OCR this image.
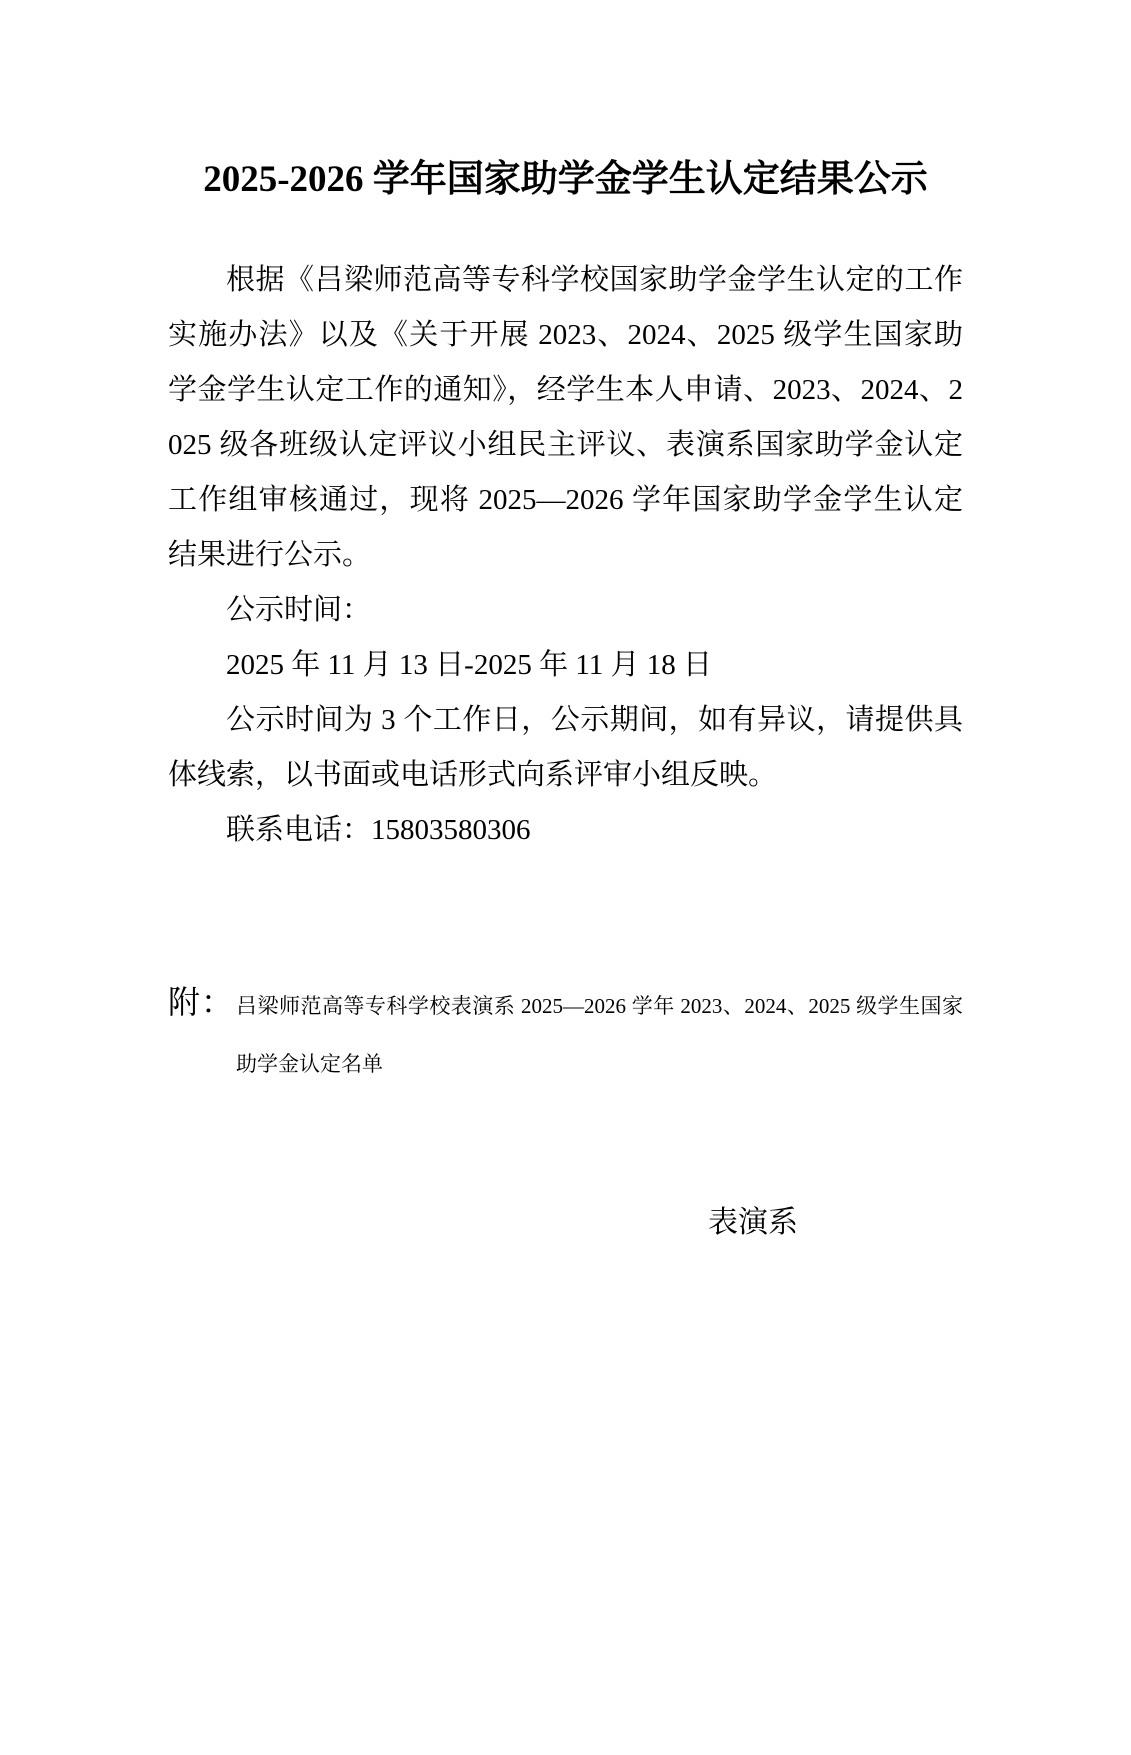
2025-2026 学年国家助学金学生认定结果公示

根据《吕梁师范高等专科学校国家助学金学生认定的工作实施办法》以及《关于开展 2023、2024、2025 级学生国家助学金学生认定工作的通知》，经学生本人申请、2023、2024、2025 级各班级认定评议小组民主评议、表演系国家助学金认定工作组审核通过，现将 2025—2026 学年国家助学金学生认定结果进行公示。

公示时间：

2025 年 11 月 13 日-2025 年 11 月 18 日

公示时间为 3 个工作日，公示期间，如有异议，请提供具体线索，以书面或电话形式向系评审小组反映。

联系电话：15803580306

附： 吕梁师范高等专科学校表演系 2025—2026 学年 2023、2024、2025 级学生国家助学金认定名单
表演系
